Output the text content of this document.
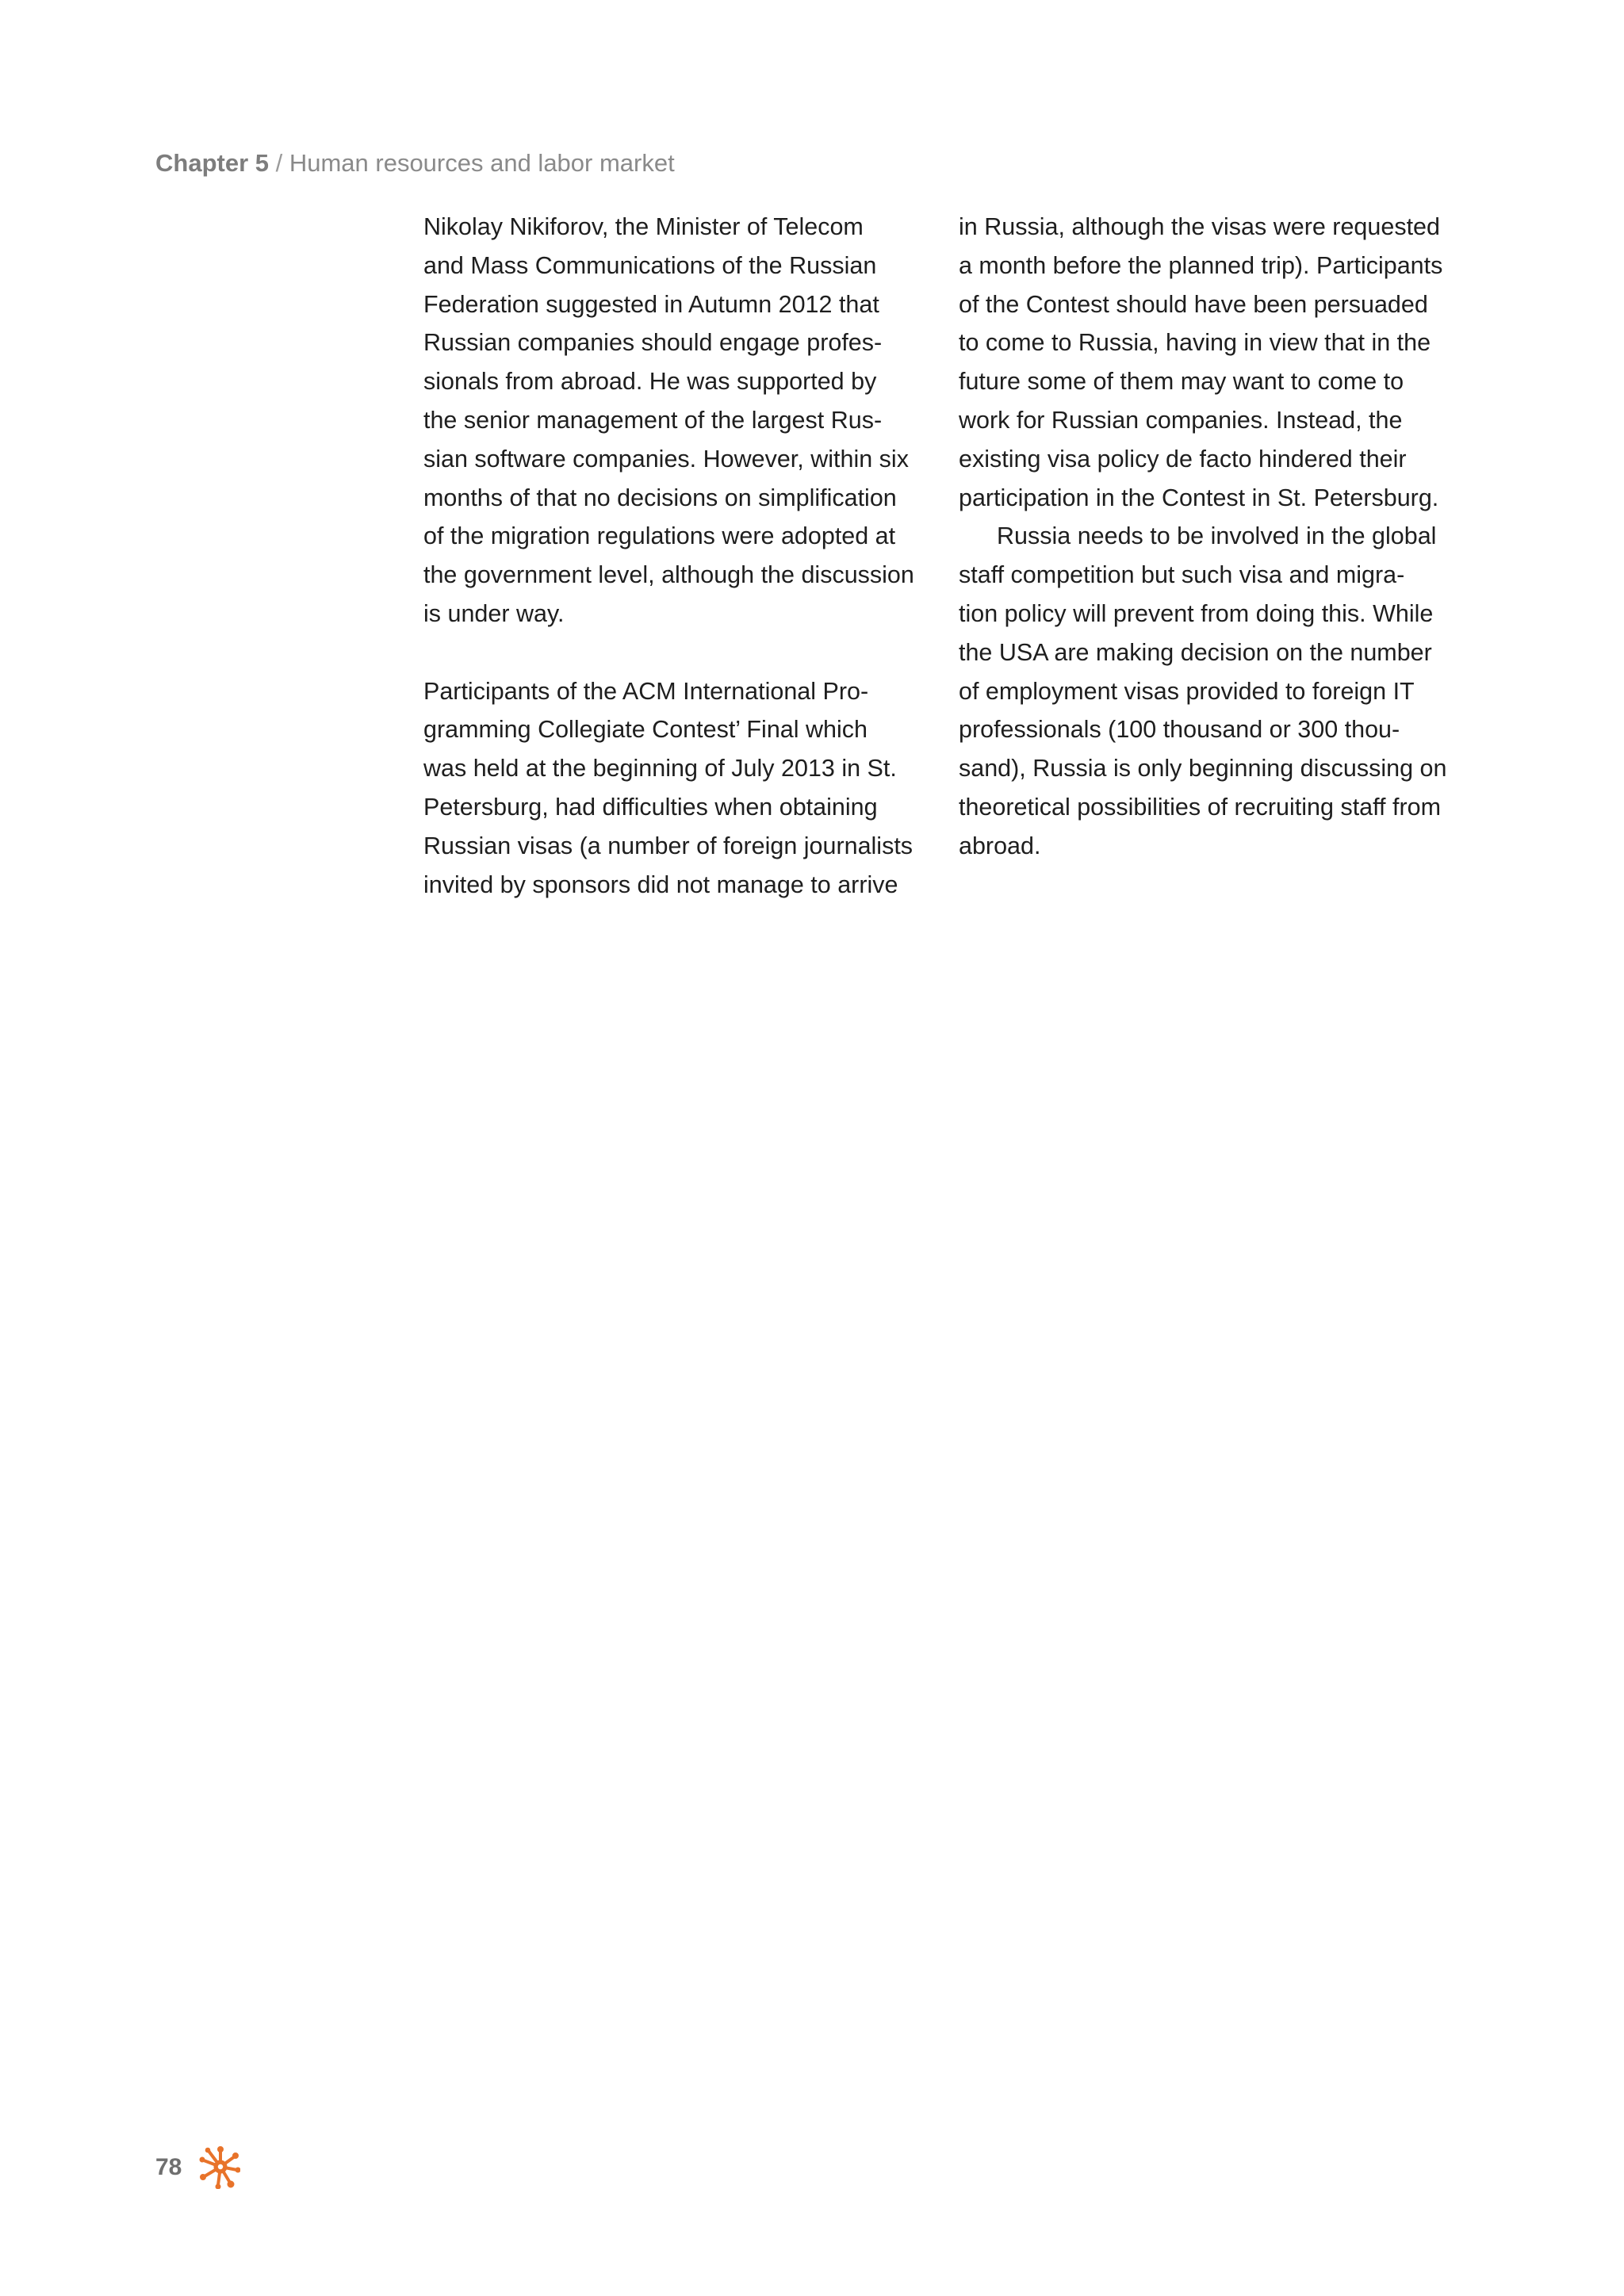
Chapter 5 / Human resources and labor market
Nikolay Nikiforov, the Minister of Telecom
and Mass Communications of the Russian
Federation suggested in Autumn 2012 that
Russian companies should engage profes-
sionals from abroad. He was supported by
the senior management of the largest Rus-
sian software companies. However, within six
months of that no decisions on simplification
of the migration regulations were adopted at
the government level, although the discussion
is under way.
Participants of the ACM International Pro-
gramming Collegiate Contest’ Final which
was held at the beginning of July 2013 in St.
Petersburg, had difficulties when obtaining
Russian visas (a number of foreign journalists
invited by sponsors did not manage to arrive
in Russia, although the visas were requested
a month before the planned trip). Participants
of the Contest should have been persuaded
to come to Russia, having in view that in the
future some of them may want to come to
work for Russian companies. Instead, the
existing visa policy de facto hindered their
participation in the Contest in St. Petersburg.
Russia needs to be involved in the global
staff competition but such visa and migra-
tion policy will prevent from doing this. While
the USA are making decision on the number
of employment visas provided to foreign IT
professionals (100 thousand or 300 thou-
sand), Russia is only beginning discussing on
theoretical possibilities of recruiting staff from
abroad.
78
